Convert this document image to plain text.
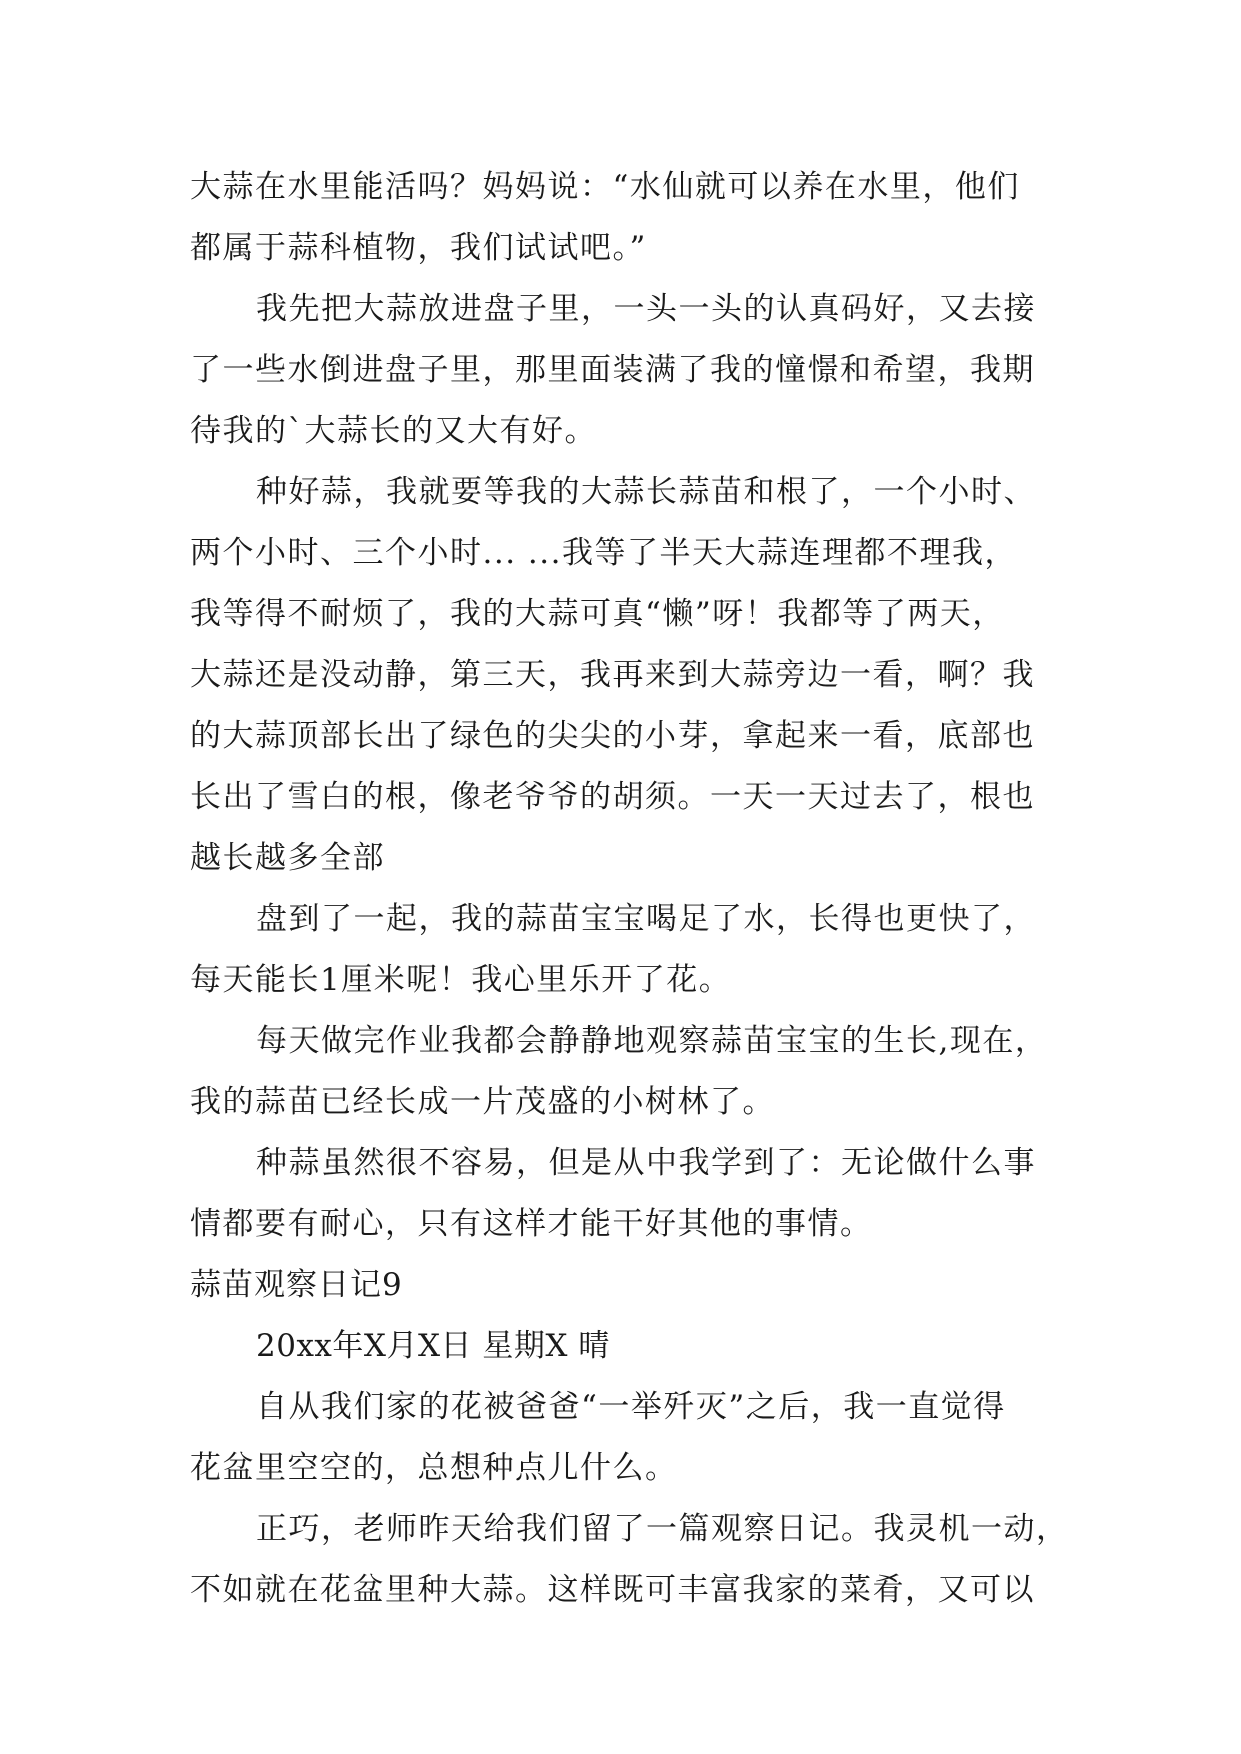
大蒜在水里能活吗？妈妈说：“水仙就可以养在水里，他们
都属于蒜科植物，我们试试吧。”
我先把大蒜放进盘子里，一头一头的认真码好，又去接
了一些水倒进盘子里，那里面装满了我的憧憬和希望，我期
待我的`大蒜长的又大有好。
种好蒜，我就要等我的大蒜长蒜苗和根了，一个小时、
两个小时、三个小时... ...我等了半天大蒜连理都不理我，
我等得不耐烦了，我的大蒜可真“懒”呀！我都等了两天，
大蒜还是没动静，第三天，我再来到大蒜旁边一看，啊？我
的大蒜顶部长出了绿色的尖尖的小芽，拿起来一看，底部也
长出了雪白的根，像老爷爷的胡须。一天一天过去了，根也
越长越多全部
盘到了一起，我的蒜苗宝宝喝足了水，长得也更快了，
每天能长1厘米呢！我心里乐开了花。
每天做完作业我都会静静地观察蒜苗宝宝的生长,现在，
我的蒜苗已经长成一片茂盛的小树林了。
种蒜虽然很不容易，但是从中我学到了：无论做什么事
情都要有耐心，只有这样才能干好其他的事情。
蒜苗观察日记9
20xx年X月X日 星期X 晴
自从我们家的花被爸爸“一举歼灭”之后，我一直觉得
花盆里空空的，总想种点儿什么。
正巧，老师昨天给我们留了一篇观察日记。我灵机一动，
不如就在花盆里种大蒜。这样既可丰富我家的菜肴，又可以
